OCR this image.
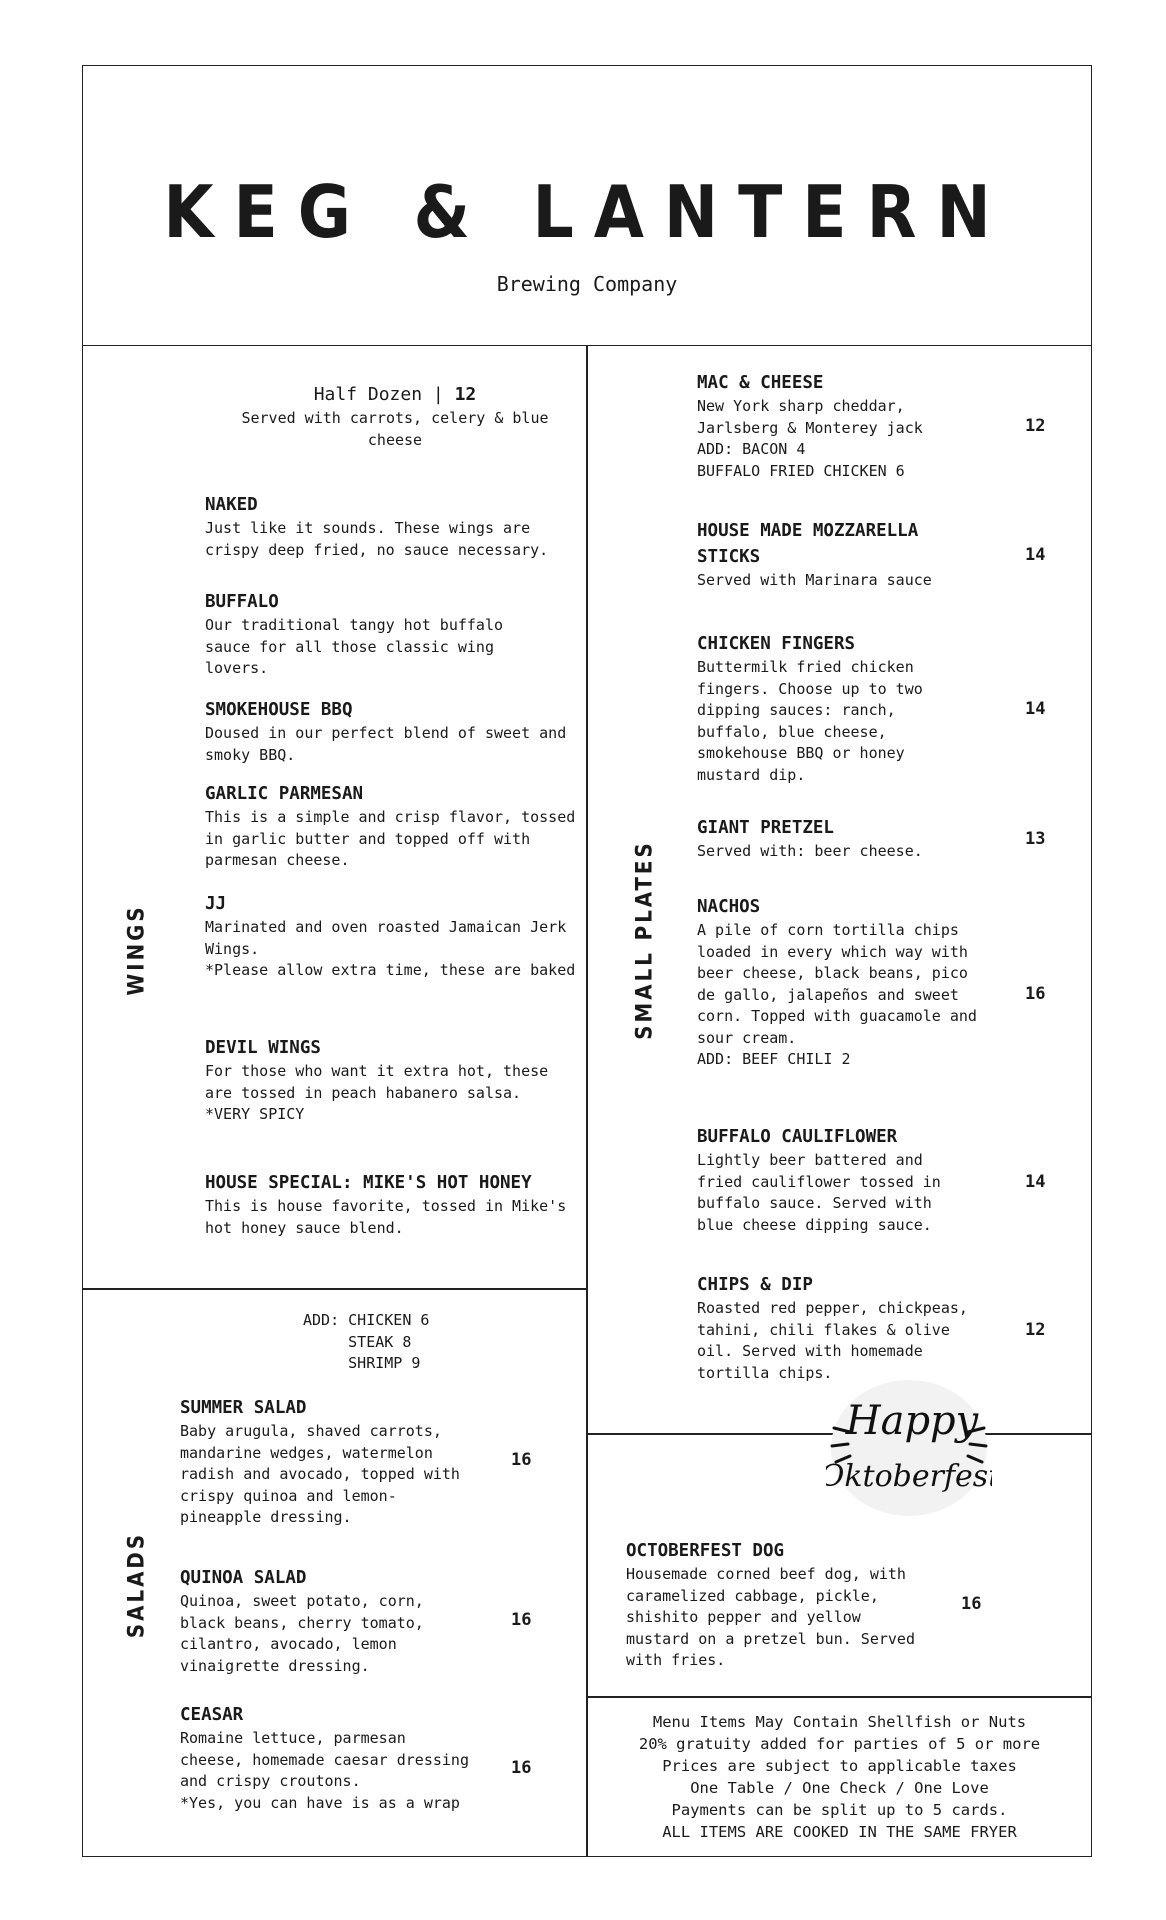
KEG & LANTERN
Brewing Company
WINGS
SALADS
SMALL PLATES
Half Dozen | 12
Served with carrots, celery & blue cheese
NAKED
Just like it sounds. These wings are crispy deep fried, no sauce necessary.
BUFFALO
Our traditional tangy hot buffalo sauce for all those classic wing lovers.
SMOKEHOUSE BBQ
Doused in our perfect blend of sweet and smoky BBQ.
GARLIC PARMESAN
This is a simple and crisp flavor, tossed in garlic butter and topped off with parmesan cheese.
JJ
Marinated and oven roasted Jamaican Jerk Wings.
*Please allow extra time, these are baked
DEVIL WINGS
For those who want it extra hot, these are tossed in peach habanero salsa.
*VERY SPICY
HOUSE SPECIAL: MIKE'S HOT HONEY
This is house favorite, tossed in Mike's hot honey sauce blend.
ADD: CHICKEN 6
STEAK 8
SHRIMP 9
SUMMER SALAD
Baby arugula, shaved carrots, mandarine wedges, watermelon radish and avocado, topped with crispy quinoa and lemon-pineapple dressing.
16
QUINOA SALAD
Quinoa, sweet potato, corn, black beans, cherry tomato, cilantro, avocado, lemon vinaigrette dressing.
16
CEASAR
Romaine lettuce, parmesan cheese, homemade caesar dressing and crispy croutons.
*Yes, you can have is as a wrap
16
MAC & CHEESE
New York sharp cheddar, Jarlsberg & Monterey jack
ADD: BACON 4
BUFFALO FRIED CHICKEN 6
12
HOUSE MADE MOZZARELLA STICKS
Served with Marinara sauce
14
CHICKEN FINGERS
Buttermilk fried chicken fingers. Choose up to two dipping sauces: ranch, buffalo, blue cheese, smokehouse BBQ or honey mustard dip.
14
GIANT PRETZEL
Served with: beer cheese.
13
NACHOS
A pile of corn tortilla chips loaded in every which way with beer cheese, black beans, pico de gallo, jalapeños and sweet corn. Topped with guacamole and sour cream.
ADD: BEEF CHILI 2
16
BUFFALO CAULIFLOWER
Lightly beer battered and fried cauliflower tossed in buffalo sauce. Served with blue cheese dipping sauce.
14
CHIPS & DIP
Roasted red pepper, chickpeas, tahini, chili flakes & olive oil. Served with homemade tortilla chips.
12
Happy
Oktoberfest
OCTOBERFEST DOG
Housemade corned beef dog, with caramelized cabbage, pickle, shishito pepper and yellow mustard on a pretzel bun. Served with fries.
16
Menu Items May Contain Shellfish or Nuts
20% gratuity added for parties of 5 or more
Prices are subject to applicable taxes
One Table / One Check / One Love
Payments can be split up to 5 cards.
ALL ITEMS ARE COOKED IN THE SAME FRYER
